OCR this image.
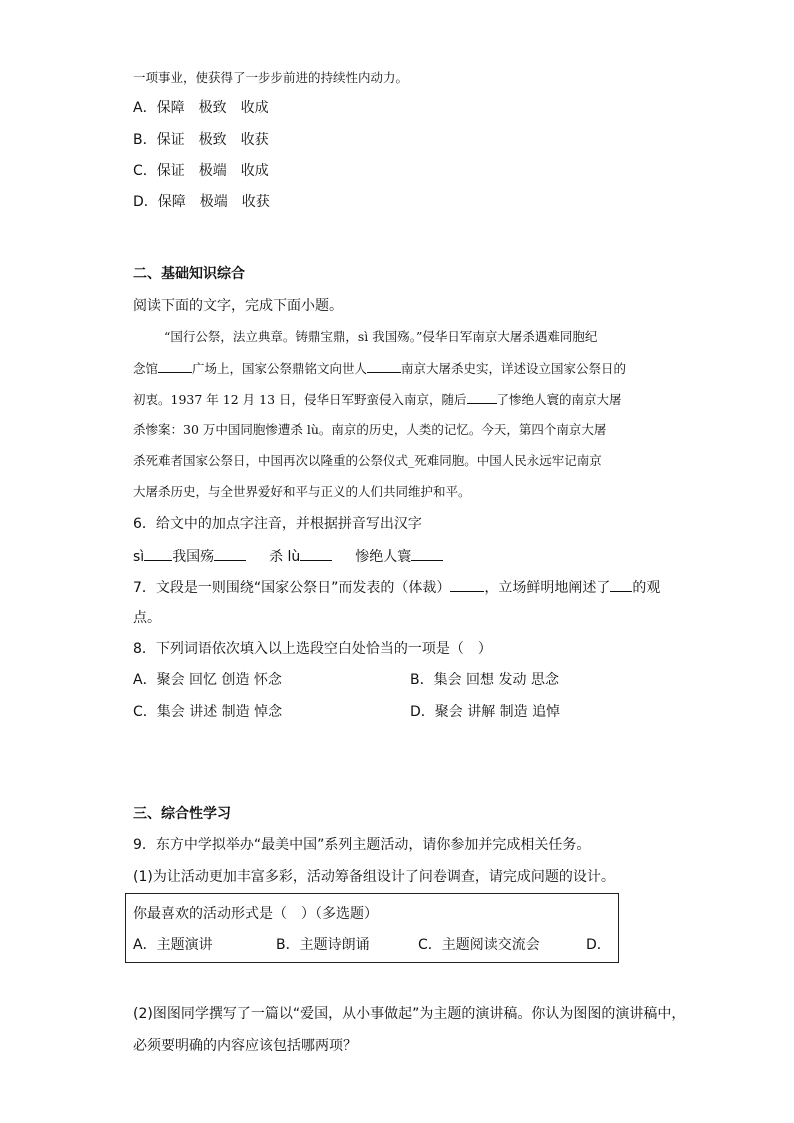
一项事业，使获得了一步步前进的持续性内动力。
A．保障　极致　收成
B．保证　极致　收获
C．保证　极端　收成
D．保障　极端　收获
二、基础知识综合
阅读下面的文字，完成下面小题。
“国行公祭，法立典章。铸鼎宝鼎，sì 我国殇。”侵华日军南京大屠杀遇难同胞纪
念馆	广场上，国家公祭鼎铭文向世人	南京大屠杀史实，详述设立国家公祭日的
初衷。1937 年 12 月 13 日，侵华日军野蛮侵入南京，随后 了惨绝人寰的南京大屠
杀惨案：30 万中国同胞惨遭杀 lù。南京的历史，人类的记忆。今天，第四个南京大屠
杀死难者国家公祭日，中国再次以隆重的公祭仪式_死难同胞。中国人民永远牢记南京
大屠杀历史，与全世界爱好和平与正义的人们共同维护和平。
6．给文中的加点字注音，并根据拼音写出汉字
sì 我国殇	杀 lù	惨绝人寰
7．文段是一则围绕“国家公祭日”而发表的（体裁） ，立场鲜明地阐述了 的观
点。
8．下列词语依次填入以上选段空白处恰当的一项是（　）
A．聚会 回忆 创造 怀念	B．集会 回想 发动 思念
C．集会 讲述 制造 悼念	D．聚会 讲解 制造 追悼
三、综合性学习
9．东方中学拟举办“最美中国”系列主题活动，请你参加并完成相关任务。
(1)为让活动更加丰富多彩，活动筹备组设计了问卷调查，请完成问题的设计。
你最喜欢的活动形式是（　）（多选题）
A．主题演讲	B．主题诗朗诵	C．主题阅读交流会	D．
(2)图图同学撰写了一篇以“爱国，从小事做起”为主题的演讲稿。你认为图图的演讲稿中，
必须要明确的内容应该包括哪两项？
